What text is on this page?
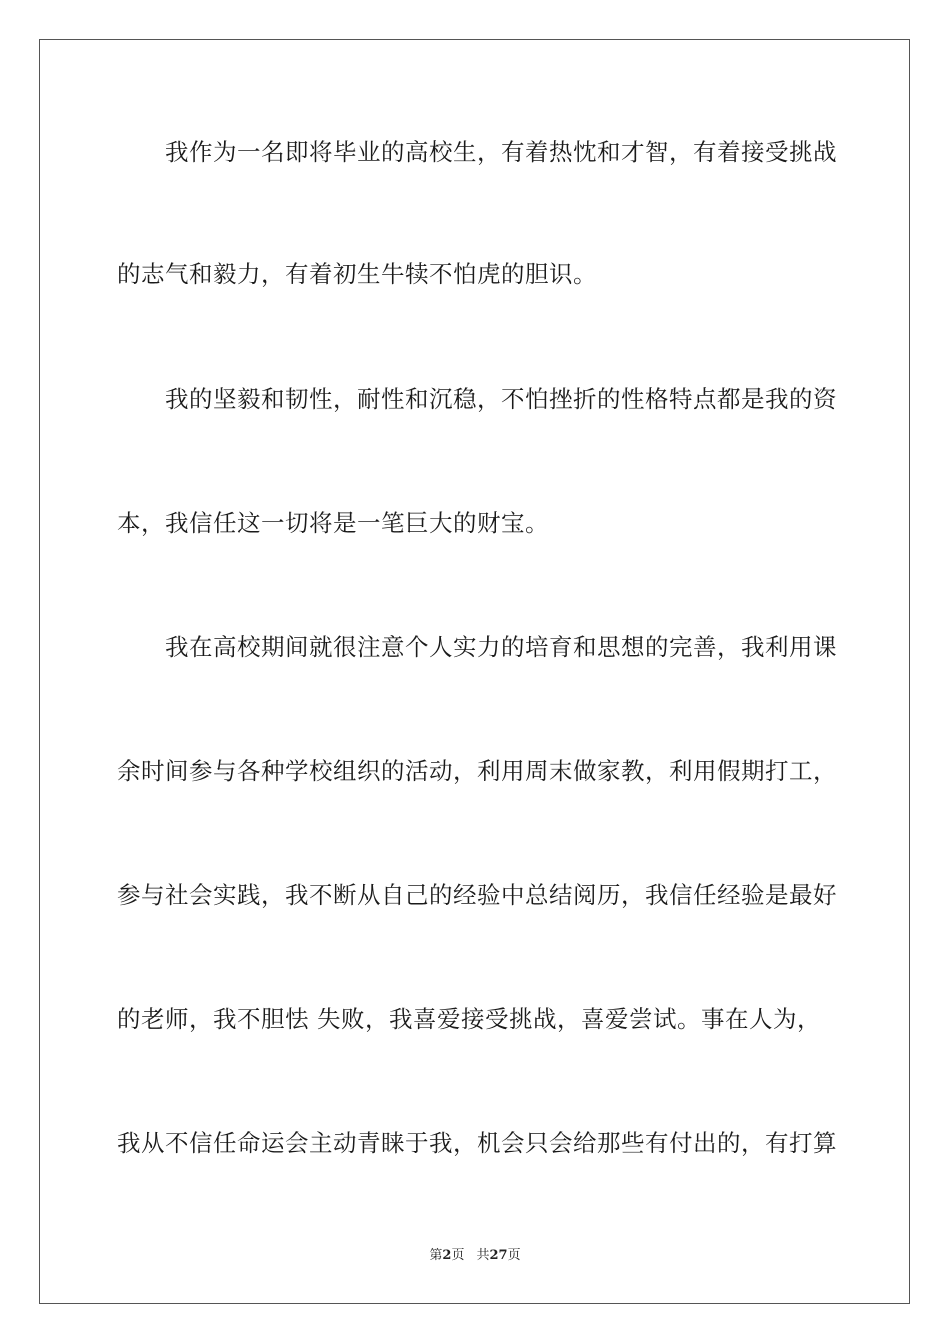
我作为一名即将毕业的高校生，有着热忱和才智，有着接受挑战
的志气和毅力，有着初生牛犊不怕虎的胆识。
我的坚毅和韧性，耐性和沉稳，不怕挫折的性格特点都是我的资
本，我信任这一切将是一笔巨大的财宝。
我在高校期间就很注意个人实力的培育和思想的完善，我利用课
余时间参与各种学校组织的活动，利用周末做家教，利用假期打工，
参与社会实践，我不断从自己的经验中总结阅历，我信任经验是最好
的老师，我不胆怯 失败，我喜爱接受挑战，喜爱尝试。事在人为，
我从不信任命运会主动青睐于我，机会只会给那些有付出的，有打算
第2页 共27页
